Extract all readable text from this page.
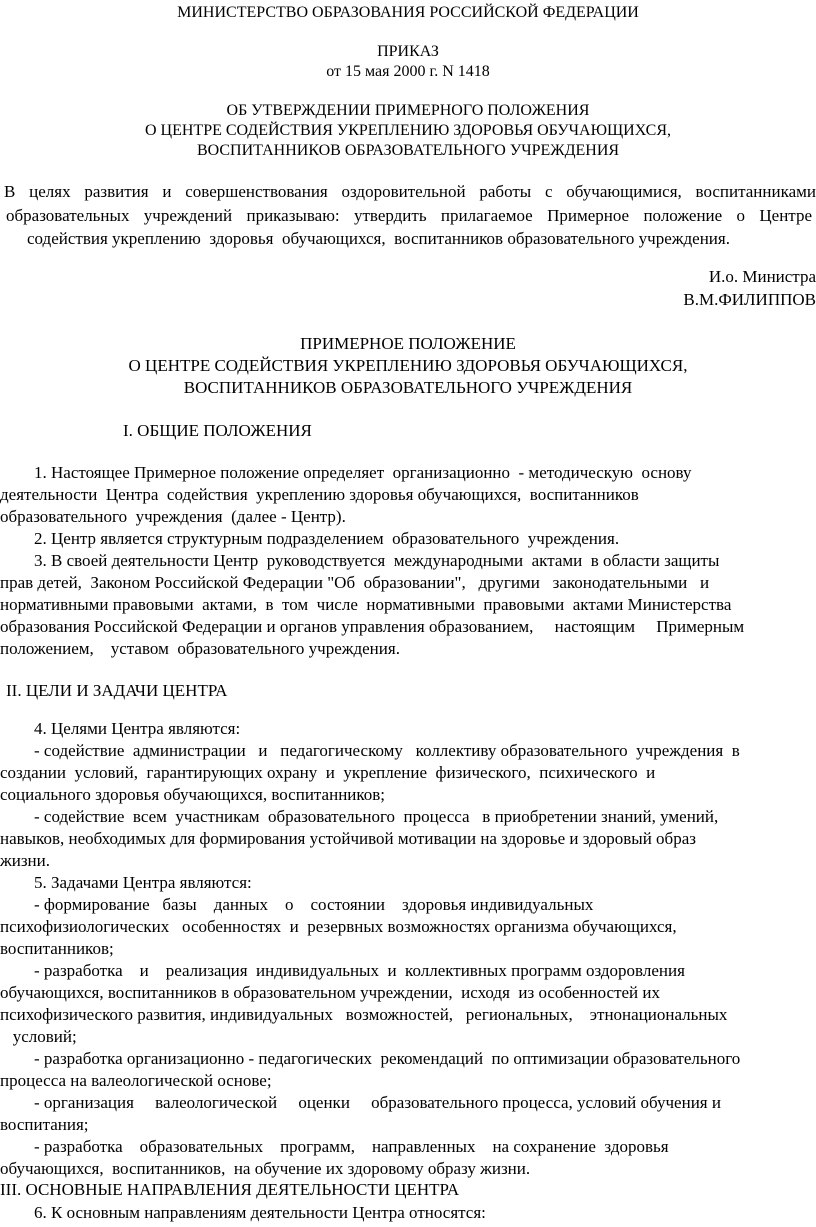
МИНИСТЕРСТВО ОБРАЗОВАНИЯ РОССИЙСКОЙ ФЕДЕРАЦИИ

ПРИКАЗ

от 15 мая 2000 г. N 1418

ОБ УТВЕРЖДЕНИИ ПРИМЕРНОГО ПОЛОЖЕНИЯ

О ЦЕНТРЕ СОДЕЙСТВИЯ УКРЕПЛЕНИЮ ЗДОРОВЬЯ ОБУЧАЮЩИХСЯ,

ВОСПИТАННИКОВ ОБРАЗОВАТЕЛЬНОГО УЧРЕЖДЕНИЯ

В целях развития и совершенствования оздоровительной работы с обучающимися, воспитанниками

образовательных учреждений приказываю: утвердить прилагаемое Примерное положение о Центре

содействия укреплению  здоровья  обучающихся,  воспитанников образовательного учреждения.

И.о. Министра

В.М.ФИЛИППОВ

ПРИМЕРНОЕ ПОЛОЖЕНИЕ

О ЦЕНТРЕ СОДЕЙСТВИЯ УКРЕПЛЕНИЮ ЗДОРОВЬЯ ОБУЧАЮЩИХСЯ,

ВОСПИТАННИКОВ ОБРАЗОВАТЕЛЬНОГО УЧРЕЖДЕНИЯ

I. ОБЩИЕ ПОЛОЖЕНИЯ

1. Настоящее Примерное положение определяет  организационно  - методическую  основу

деятельности  Центра  содействия  укреплению здоровья обучающихся,  воспитанников

образовательного  учреждения  (далее - Центр).

2. Центр является структурным подразделением  образовательного  учреждения.

3. В своей деятельности Центр  руководствуется  международными  актами  в области защиты

прав детей,  Законом Российской Федерации "Об  образовании",   другими   законодательными   и

нормативными правовыми  актами,  в  том  числе  нормативными  правовыми  актами Министерства

образования Российской Федерации и органов управления образованием,     настоящим     Примерным

положением,    уставом  образовательного учреждения.

II. ЦЕЛИ И ЗАДАЧИ ЦЕНТРА

4. Целями Центра являются:

- содействие  администрации   и   педагогическому   коллективу образовательного  учреждения  в

создании  условий,  гарантирующих охрану  и  укрепление  физического,  психического  и

социального здоровья обучающихся, воспитанников;

- содействие  всем  участникам  образовательного  процесса   в приобретении знаний, умений,

навыков, необходимых для формирования устойчивой мотивации на здоровье и здоровый образ

жизни.

5. Задачами Центра являются:

- формирование   базы    данных    о    состоянии    здоровья индивидуальных

психофизиологических   особенностях  и  резервных возможностях организма обучающихся,

воспитанников;

- разработка    и    реализация  индивидуальных  и  коллективных программ оздоровления

обучающихся, воспитанников в образовательном учреждении,  исходя  из особенностей их

психофизического развития, индивидуальных   возможностей,   региональных,    этнонациональных

условий;

- разработка организационно - педагогических  рекомендаций  по оптимизации образовательного

процесса на валеологической основе;

- организация     валеологической     оценки     образовательного процесса, условий обучения и

воспитания;

- разработка    образовательных    программ,    направленных    на сохранение  здоровья

обучающихся,  воспитанников,  на обучение их здоровому образу жизни.

III. ОСНОВНЫЕ НАПРАВЛЕНИЯ ДЕЯТЕЛЬНОСТИ ЦЕНТРА

6. К основным направлениям деятельности Центра относятся:
